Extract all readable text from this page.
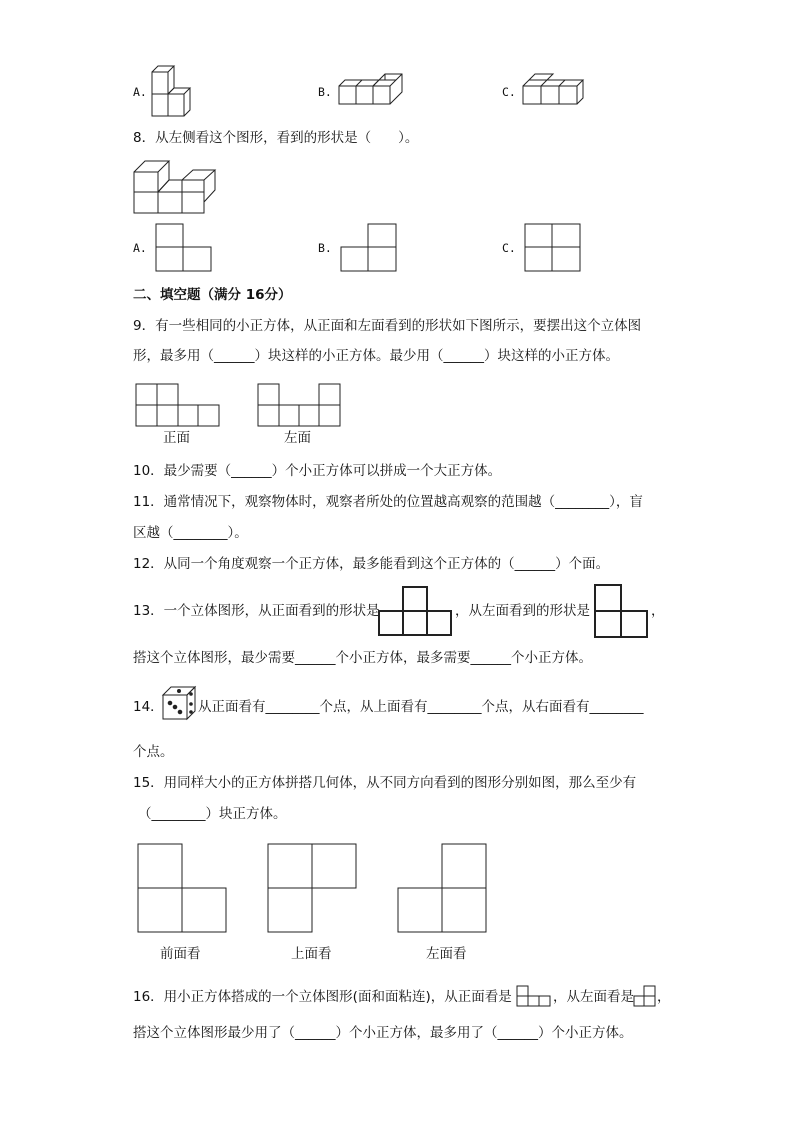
A.	B.	C.
8．从左侧看这个图形，看到的形状是（　　）。
A.	B.	C.
二、填空题（满分 16分）
9．有一些相同的小正方体，从正面和左面看到的形状如下图所示，要摆出这个立体图
形，最多用（______）块这样的小正方体。最少用（______）块这样的小正方体。
正面	左面
10．最少需要（______）个小正方体可以拼成一个大正方体。
11．通常情况下，观察物体时，观察者所处的位置越高观察的范围越（________），盲
区越（________）。
12．从同一个角度观察一个正方体，最多能看到这个正方体的（______）个面。
13．一个立体图形，从正面看到的形状是	，从左面看到的形状是	，
搭这个立体图形，最少需要______个小正方体，最多需要______个小正方体。
14．	从正面看有________个点，从上面看有________个点，从右面看有________
个点。
15．用同样大小的正方体拼搭几何体，从不同方向看到的图形分别如图，那么至少有
（________）块正方体。
前面看	上面看	左面看
16．用小正方体搭成的一个立体图形(面和面粘连)，从正面看是	，从左面看是 ，
搭这个立体图形最少用了（______）个小正方体，最多用了（______）个小正方体。
